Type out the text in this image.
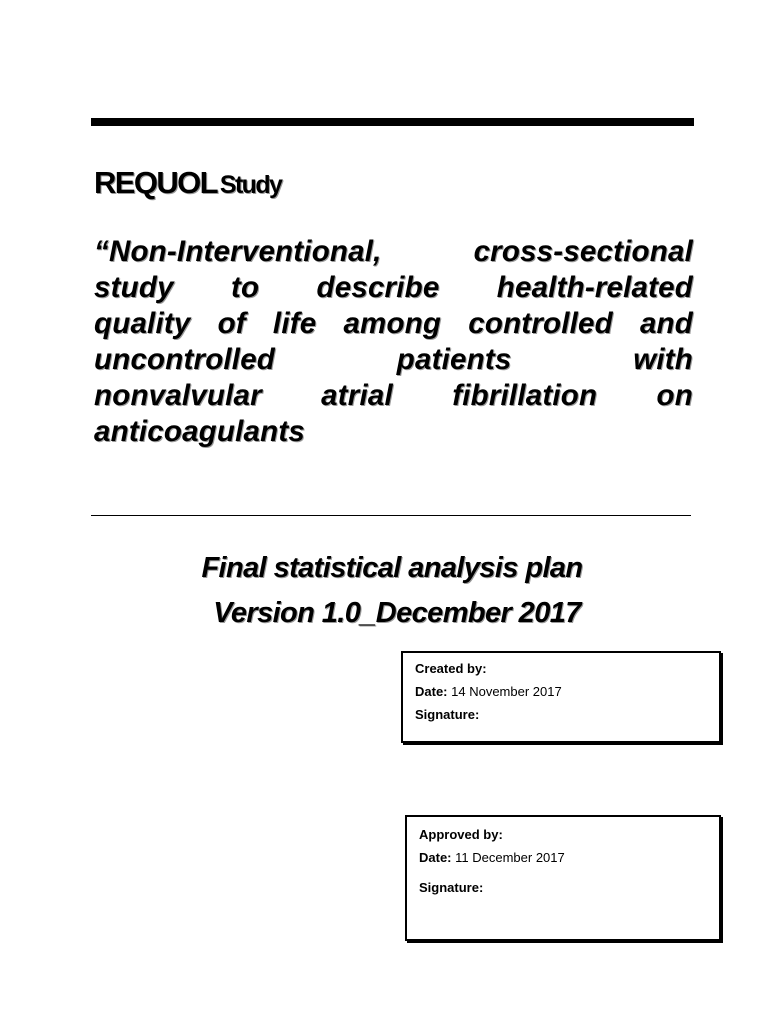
REQUOL Study

“Non-Interventional, cross-sectional
study to describe health-related
quality of life among controlled and
uncontrolled patients with
nonvalvular atrial fibrillation on
anticoagulants

Final statistical analysis plan
Version 1.0_December 2017
Created by:
Date: 14 November 2017
Signature:
Approved by:
Date: 11 December 2017
Signature:
